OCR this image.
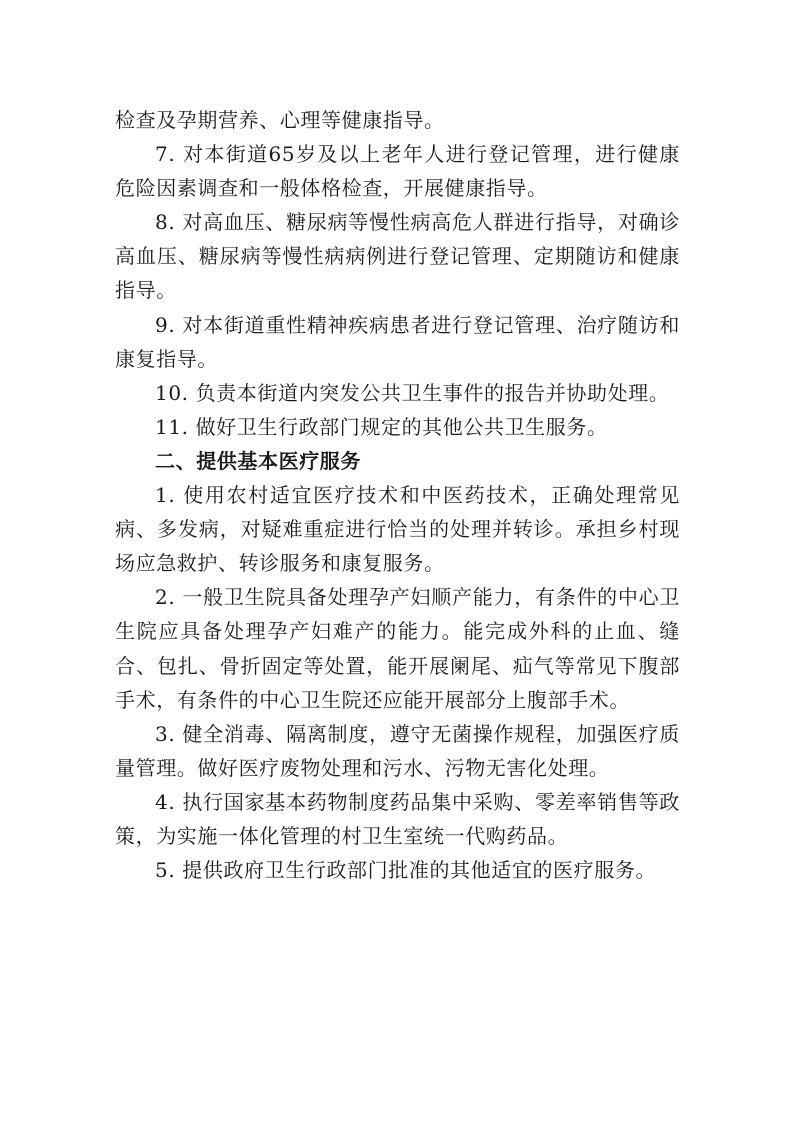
检查及孕期营养、心理等健康指导。

7. 对本街道65岁及以上老年人进行登记管理，进行健康危险因素调查和一般体格检查，开展健康指导。

8. 对高血压、糖尿病等慢性病高危人群进行指导，对确诊高血压、糖尿病等慢性病病例进行登记管理、定期随访和健康指导。

9. 对本街道重性精神疾病患者进行登记管理、治疗随访和康复指导。

10. 负责本街道内突发公共卫生事件的报告并协助处理。

11. 做好卫生行政部门规定的其他公共卫生服务。

二、提供基本医疗服务

1. 使用农村适宜医疗技术和中医药技术，正确处理常见病、多发病，对疑难重症进行恰当的处理并转诊。承担乡村现场应急救护、转诊服务和康复服务。

2. 一般卫生院具备处理孕产妇顺产能力，有条件的中心卫生院应具备处理孕产妇难产的能力。能完成外科的止血、缝合、包扎、骨折固定等处置，能开展阑尾、疝气等常见下腹部手术，有条件的中心卫生院还应能开展部分上腹部手术。

3. 健全消毒、隔离制度，遵守无菌操作规程，加强医疗质量管理。做好医疗废物处理和污水、污物无害化处理。

4. 执行国家基本药物制度药品集中采购、零差率销售等政策，为实施一体化管理的村卫生室统一代购药品。

5. 提供政府卫生行政部门批准的其他适宜的医疗服务。
